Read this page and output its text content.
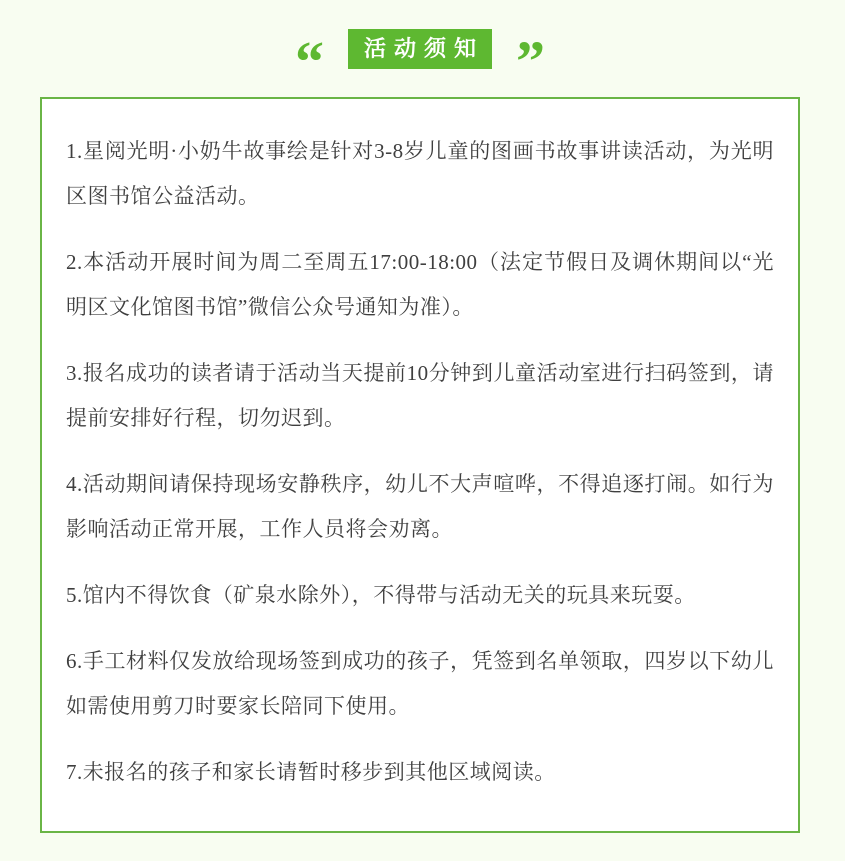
“	活动须知 ”

1.星阅光明·小奶牛故事绘是针对3-8岁儿童的图画书故事讲读活动，为光明区图书馆公益活动。

2.本活动开展时间为周二至周五17:00-18:00（法定节假日及调休期间以“光明区文化馆图书馆”微信公众号通知为准）。

3.报名成功的读者请于活动当天提前10分钟到儿童活动室进行扫码签到，请提前安排好行程，切勿迟到。

4.活动期间请保持现场安静秩序，幼儿不大声喧哗，不得追逐打闹。如行为影响活动正常开展，工作人员将会劝离。

5.馆内不得饮食（矿泉水除外），不得带与活动无关的玩具来玩耍。

6.手工材料仅发放给现场签到成功的孩子，凭签到名单领取，四岁以下幼儿如需使用剪刀时要家长陪同下使用。

7.未报名的孩子和家长请暂时移步到其他区域阅读。
